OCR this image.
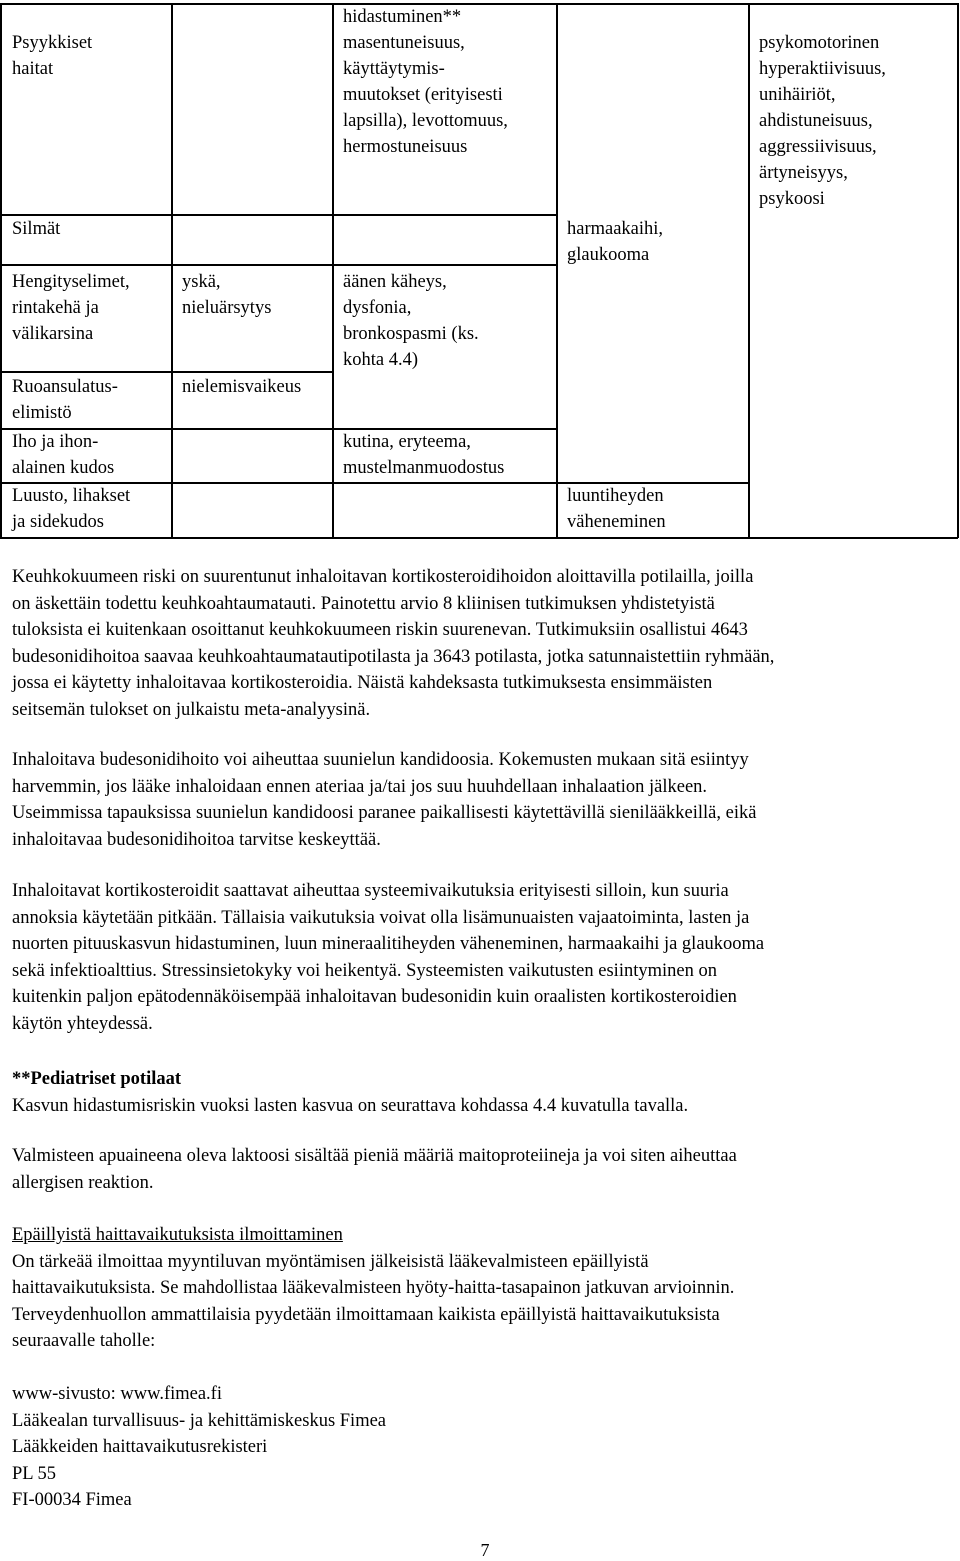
Psyykkiset
haitat
hidastuminen**
masentuneisuus,
käyttäytymis-
muutokset (erityisesti
lapsilla), levottomuus,
hermostuneisuus
psykomotorinen
hyperaktiivisuus,
unihäiriöt,
ahdistuneisuus,
aggressiivisuus,
ärtyneisyys,
psykoosi
Silmät	harmaakaihi,
glaukooma
Hengityselimet,
rintakehä ja
välikarsina
yskä,
nieluärsytys
äänen käheys,
dysfonia,
bronkospasmi (ks.
kohta 4.4)
Ruoansulatus-
elimistö
nielemisvaikeus
Iho ja ihon-
alainen kudos
kutina, eryteema,
mustelmanmuodostus
Luusto, lihakset
ja sidekudos
luuntiheyden
väheneminen

Keuhkokuumeen riski on suurentunut inhaloitavan kortikosteroidihoidon aloittavilla potilailla, joilla

on äskettäin todettu keuhkoahtaumatauti. Painotettu arvio 8 kliinisen tutkimuksen yhdistetyistä

tuloksista ei kuitenkaan osoittanut keuhkokuumeen riskin suurenevan. Tutkimuksiin osallistui 4643

budesonidihoitoa saavaa keuhkoahtaumatautipotilasta ja 3643 potilasta, jotka satunnaistettiin ryhmään,

jossa ei käytetty inhaloitavaa kortikosteroidia. Näistä kahdeksasta tutkimuksesta ensimmäisten

seitsemän tulokset on julkaistu meta-analyysinä.

Inhaloitava budesonidihoito voi aiheuttaa suunielun kandidoosia. Kokemusten mukaan sitä esiintyy

harvemmin, jos lääke inhaloidaan ennen ateriaa ja/tai jos suu huuhdellaan inhalaation jälkeen.

Useimmissa tapauksissa suunielun kandidoosi paranee paikallisesti käytettävillä sienilääkkeillä, eikä

inhaloitavaa budesonidihoitoa tarvitse keskeyttää.

Inhaloitavat kortikosteroidit saattavat aiheuttaa systeemivaikutuksia erityisesti silloin, kun suuria

annoksia käytetään pitkään. Tällaisia vaikutuksia voivat olla lisämunuaisten vajaatoiminta, lasten ja

nuorten pituuskasvun hidastuminen, luun mineraalitiheyden väheneminen, harmaakaihi ja glaukooma

sekä infektioalttius. Stressinsietokyky voi heikentyä. Systeemisten vaikutusten esiintyminen on

kuitenkin paljon epätodennäköisempää inhaloitavan budesonidin kuin oraalisten kortikosteroidien

käytön yhteydessä.

**Pediatriset potilaat
Kasvun hidastumisriskin vuoksi lasten kasvua on seurattava kohdassa 4.4 kuvatulla tavalla.
Valmisteen apuaineena oleva laktoosi sisältää pieniä määriä maitoproteiineja ja voi siten aiheuttaa
allergisen reaktion.
Epäillyistä haittavaikutuksista ilmoittaminen
On tärkeää ilmoittaa myyntiluvan myöntämisen jälkeisistä lääkevalmisteen epäillyistä
haittavaikutuksista. Se mahdollistaa lääkevalmisteen hyöty-haitta-tasapainon jatkuvan arvioinnin.
Terveydenhuollon ammattilaisia pyydetään ilmoittamaan kaikista epäillyistä haittavaikutuksista
seuraavalle taholle:
www-sivusto: www.fimea.fi
Lääkealan turvallisuus- ja kehittämiskeskus Fimea
Lääkkeiden haittavaikutusrekisteri
PL 55
FI-00034 Fimea
7
